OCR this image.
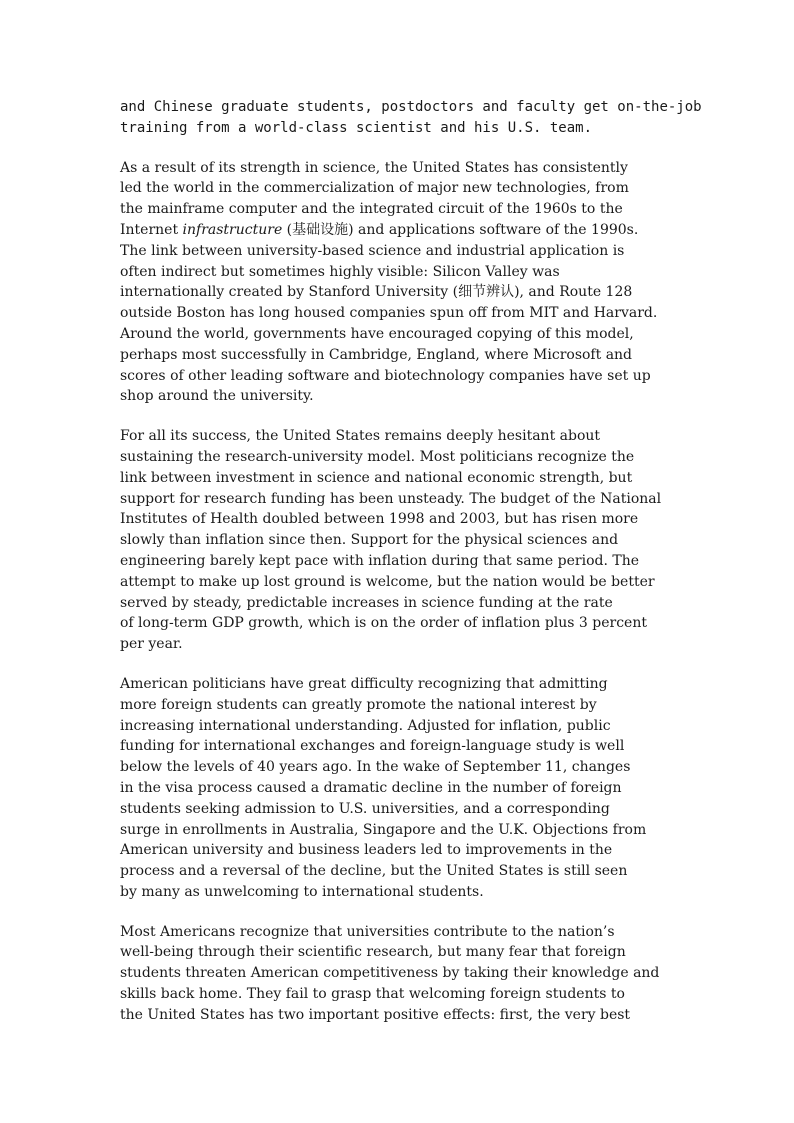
and Chinese graduate students, postdoctors and faculty get on-the-job
training from a world-class scientist and his U.S. team.

As a result of its strength in science, the United States has consistently
led the world in the commercialization of major new technologies, from
the mainframe computer and the integrated circuit of the 1960s to the
Internet infrastructure (基础设施) and applications software of the 1990s.
The link between university-based science and industrial application is
often indirect but sometimes highly visible: Silicon Valley was
internationally created by Stanford University (细节辨认), and Route 128
outside Boston has long housed companies spun off from MIT and Harvard.
Around the world, governments have encouraged copying of this model,
perhaps most successfully in Cambridge, England, where Microsoft and
scores of other leading software and biotechnology companies have set up
shop around the university.

For all its success, the United States remains deeply hesitant about
sustaining the research-university model. Most politicians recognize the
link between investment in science and national economic strength, but
support for research funding has been unsteady. The budget of the National
Institutes of Health doubled between 1998 and 2003, but has risen more
slowly than inflation since then. Support for the physical sciences and
engineering barely kept pace with inflation during that same period. The
attempt to make up lost ground is welcome, but the nation would be better
served by steady, predictable increases in science funding at the rate
of long-term GDP growth, which is on the order of inflation plus 3 percent
per year.

American politicians have great difficulty recognizing that admitting
more foreign students can greatly promote the national interest by
increasing international understanding. Adjusted for inflation, public
funding for international exchanges and foreign-language study is well
below the levels of 40 years ago. In the wake of September 11, changes
in the visa process caused a dramatic decline in the number of foreign
students seeking admission to U.S. universities, and a corresponding
surge in enrollments in Australia, Singapore and the U.K. Objections from
American university and business leaders led to improvements in the
process and a reversal of the decline, but the United States is still seen
by many as unwelcoming to international students.

Most Americans recognize that universities contribute to the nation’s
well-being through their scientific research, but many fear that foreign
students threaten American competitiveness by taking their knowledge and
skills back home. They fail to grasp that welcoming foreign students to
the United States has two important positive effects: first, the very best
